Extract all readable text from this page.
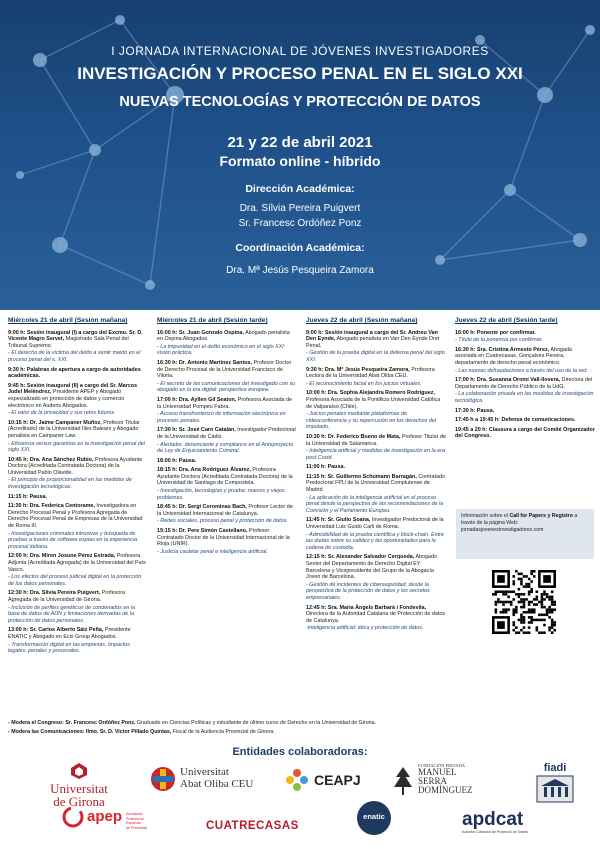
I JORNADA INTERNACIONAL DE JÓVENES INVESTIGADORES
INVESTIGACIÓN Y PROCESO PENAL EN EL SIGLO XXI
NUEVAS TECNOLOGÍAS Y PROTECCIÓN DE DATOS
21 y 22 de abril 2021
Formato online - híbrido
Dirección Académica:
Dra. Sílvia Pereira Puigvert
Sr. Francesc Ordóñez Ponz
Coordinación Académica:
Dra. Mª Jesús Pesqueira Zamora
Miércoles 21 de abril (Sesión mañana)
9:00 h: Sesión inaugural (I) a cargo del Excmo. Sr. D. Vicente Magro Servet, Magistrado Sala Penal del Tribunal Supremo.
- El derecho de la víctima del delito a sentir miedo en el proceso penal del s. XXI.
9:30 h: Palabras de apertura a cargo de autoridades académicas.
9:45 h: Sesión inaugural (II) a cargo del Sr. Marcos Judel Meléndrez, Presidente APEP y Abogado especializado en protección de datos y comercio electrónico en Audens Abogados.
- El valor de la privacidad y sus retos futuros.
10:15 h: Dr. Jaime Campaner Muñoz, Profesor Titular (Acreditado) de la Universidad Illes Balears y Abogado penalista en Campaner Law.
- Eficiencia versus garantías en la investigación penal del siglo XXI.
10:45 h: Dra. Ana Sánchez Rubio, Profesora Ayudante Doctora (Acreditada Contratada Doctora) de la Universidad Pablo Olavide.
- El principio de proporcionalidad en las medidas de investigación tecnológicas.
11:15 h: Pausa.
11:30 h: Dra. Federica Centorame, Investigadora en Derecho Procesal Penal y Profesora Agregada de Derecho Procesal Penal de Empresas de la Universidad de Roma III.
- Investigaciones criminales intrusivas y búsqueda de pruebas a través de software espías en la experiencia procesal italiana.
12:00 h: Dra. Miren Josune Pérez Estrada, Profesora Adjunta (Acreditada Agregada) de la Universidad del País Vasco.
- Los efectos del proceso judicial digital en la protección de los datos personales.
12:30 h: Dra. Sílvia Pereira Puigvert, Profesora Agregada de la Universidad de Girona.
- Inclusión de perfiles genéticos de condenados en la base de datos de ADN y limitaciones derivadas de la protección de datos personales.
13:00 h: Sr. Carlos Alberto Sáiz Peña, Presidente ENATIC y Abogado en Ecix Group Abogados.
- Transformación digital en las empresas. Impactos legales, penales y procesales.
Miércoles 21 de abril (Sesión tarde)
16:00 h: Sr. Juan Gonzalo Ospina, Abogado penalista en Ospina Abogados.
- La impunidad en el delito económico en el siglo XXI: visión práctica.
16:30 h: Dr. Antonio Martínez Santos, Profesor Doctor de Derecho Procesal de la Universidad Francisco de Vitoria.
- El secreto de las comunicaciones del investigado con su abogado en la era digital: perspectiva europea.
17:00 h: Dra. Ayllen Gil Seaton, Profesora Asociada de la Universidad Pompeu Fabra.
- Acceso transfronterizo de información electrónica en procesos penales.
17:30 h: Sr. José Caro Catalán, Investigador Predoctoral de la Universidad de Cádiz.
- Alertador, denunciante y compliance en el Anteproyecto de Ley de Enjuiciamiento Criminal.
18:00 h: Pausa.
18:15 h: Dra. Ana Rodríguez Álvarez, Profesora Ayudante Doctora (Acreditada Contratada Doctora) de la Universidad de Santiago de Compostela.
- Investigación, tecnologías y prueba: nuevos y viejos problemas.
18:45 h: Dr. Sergi Corominas Bach, Profesor Lector de la Universidad Internacional de Catalunya.
- Redes sociales, proceso penal y protección de datos.
19:15 h: Dr. Pere Simón Castellano, Profesor Contratado Doctor de la Universidad Internacional de la Rioja (UNIR).
- Justicia cautelar penal e inteligencia artificial.
Jueves 22 de abril (Sesión mañana)
9:00 h: Sesión inaugural a cargo del Sr. Andreu Van Den Eynde, Abogado penalista en Van Den Eynde Dret Penal.
- Gestión de la prueba digital en la defensa penal del siglo XXI.
9:30 h: Dra. Mª Jesús Pesqueira Zamora, Profesora Lectora de la Universidad Abat Oliba CEU.
- El reconocimiento facial en los juicios virtuales.
10:00 h: Dra. Sophia Alejandra Romero Rodríguez, Profesora Asociada de la Pontificia Universidad Católica de Valparaíso (Chile).
- Juicios penales mediante plataformas de videoconferencia y su repercusión en los derechos del imputado.
10:30 h: Dr. Federico Bueno de Mata, Profesor Titular de la Universidad de Salamanca.
- Inteligencia artificial y medidas de investigación en la era post Covid.
11:00 h: Pausa.
11:15 h: Sr. Guillermo Schumann Barragán, Contratado Predoctoral FPU de la Universidad Complutense de Madrid.
- La aplicación de la inteligencia artificial en el proceso penal desde la perspectiva de las recomendaciones de la Comisión y el Parlamento Europeo.
11:45 h: Sr. Giulio Soana, Investigador Predoctoral de la Universidad Luis Guido Carli de Roma.
- Admisibilidad de la prueba científica y block-chain. Entre las dudas sobre su validez y las oportunidades para la cadena de custodia.
12:15 h: Sr. Alexander Salvador Cerqueda, Abogado Senior del Departamento de Derecho Digital EY Barcelona y Vicepresidente del Grupo de la Abogacía Joven de Barcelona.
- Gestión de incidentes de ciberseguridad, desde la perspectiva de la protección de datos y los secretos empresariales.
12:45 h: Sra. Maria Àngels Barbarà i Fondevila, Directora de la Autoridad Catalana de Protección de datos de Catalunya.
-Inteligencia artificial: ética y protección de datos.
Jueves 22 de abril (Sesión tarde)
16:00 h: Ponente por confirmar.
- Título de la ponencia por confirmar.
16:30 h: Sra. Cristina Armesto Pérez, Abogada asociada en Cuatrecasas, Gonçalves Pereira, departamento de derecho penal económico.
- Las nuevas defraudaciones a través del uso de la red.
17:00 h: Dra. Susanna Oromí Vall-llovera, Directora del Departamento de Derecho Público de la UdG.
- La colaboración privada en las medidas de investigación tecnológica.
17:30 h: Pausa.
17:45 h a 19:45 h: Defensa de comunicaciones.
19:45 a 20 h: Clausura a cargo del Comité Organizador del Congreso.
Información sobre el Call for Papers y Registro a través de la página Web:
jornadasjovenesinvestigadores.com
- Modera el Congreso: Sr. Francesc Ordóñez Ponz, Graduado en Ciencias Políticas y estudiante de último curso de Derecho en la Universidad de Girona.
- Modera las Comunicaciones: Ilmo. Sr. D. Victor Pillado Quintas, Fiscal de la Audiencia Provincial de Girona.
Entidades colaboradoras:

Universitat
de Girona
Universitat
Abat Oliba CEU	CEAPJ
FUNDACIÓN PRIVADA
MANUEL
SERRA
DOMÍNGUEZ
fiadi
apep Asociación
Profesional Española
de Privacidad	CUATRECASAS
enatic	apdcat
Autoritat Catalana de Protecció de Dades
